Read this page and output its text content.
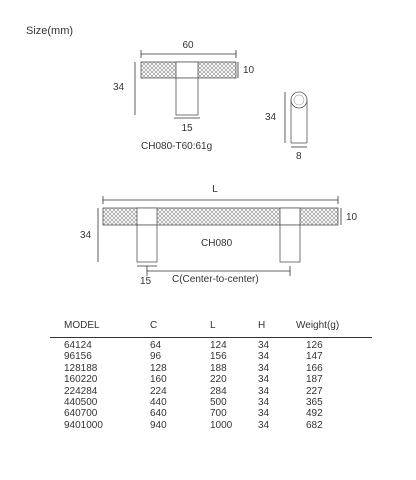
Size(mm)
60
10
34
15
CH080-T60:61g
34
8
L
10
34
CH080
15 C(Center-to-center)
MODEL	C	L	H	Weight(g)

64124	64	124	34	126
96156	96	156	34	147
128188	128	188	34	166
160220	160	220	34	187
224284	224	284	34	227
440500	440	500	34	365
640700	640	700	34	492
9401000	940	1000	34	682
